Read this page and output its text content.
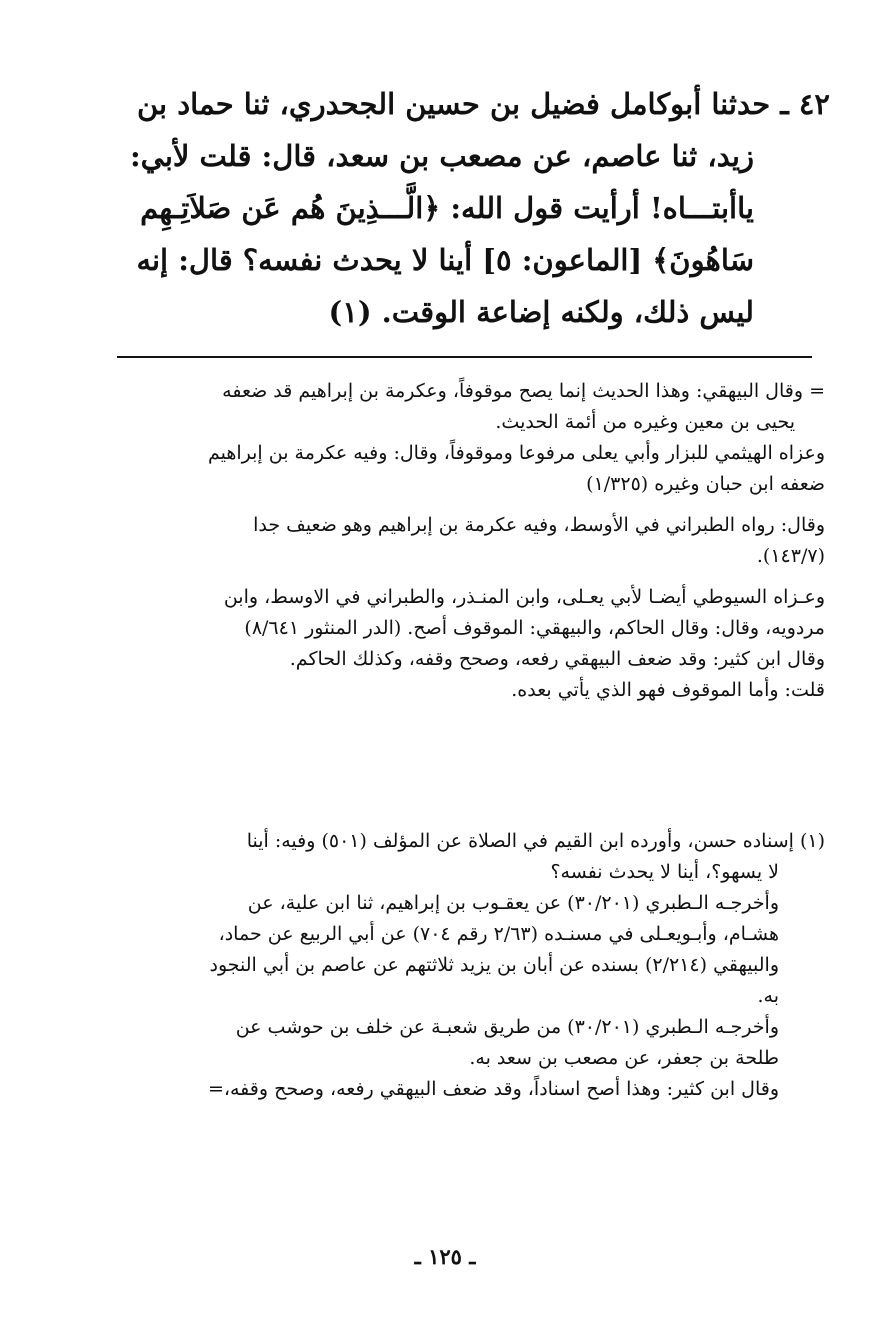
٤٢ ـ حدثنا أبوكامل فضيل بن حسين الجحدري، ثنا حماد بن
زيد، ثنا عاصم، عن مصعب بن سعد، قال: قلت لأبي:
ياأبتـــاه! أرأيت قول الله: ﴿الَّـــذِينَ هُم عَن صَلاَتِـهِم
سَاهُونَ﴾ [الماعون: ٥] أينا لا يحدث نفسه؟ قال: إنه
ليس ذلك، ولكنه إضاعة الوقت. (١)
= وقال البيهقي: وهذا الحديث إنما يصح موقوفاً، وعكرمة بن إبراهيم قد ضعفه
يحيى بن معين وغيره من أئمة الحديث.
وعزاه الهيثمي للبزار وأبي يعلى مرفوعا وموقوفاً، وقال: وفيه عكرمة بن إبراهيم
ضعفه ابن حبان وغيره (١/٣٢٥)
وقال: رواه الطبراني في الأوسط، وفيه عكرمة بن إبراهيم وهو ضعيف جدا
(١٤٣/٧).
وعـزاه السيوطي أيضـا لأبي يعـلى، وابن المنـذر، والطبراني في الاوسط، وابن
مردويه، وقال: وقال الحاكم، والبيهقي: الموقوف أصح. (الدر المنثور ٨/٦٤١)
وقال ابن كثير: وقد ضعف البيهقي رفعه، وصحح وقفه، وكذلك الحاكم.
قلت: وأما الموقوف فهو الذي يأتي بعده.
(١) إسناده حسن، وأورده ابن القيم في الصلاة عن المؤلف (٥٠١) وفيه: أينا
لا يسهو؟، أينا لا يحدث نفسه؟
وأخرجـه الـطبري (٣٠/٢٠١) عن يعقـوب بن إبراهيم، ثنا ابن علية، عن
هشـام، وأبـويعـلى في مسنـده (٢/٦٣ رقم ٧٠٤) عن أبي الربيع عن حماد،
والبيهقي (٢/٢١٤) بسنده عن أبان بن يزيد ثلاثتهم عن عاصم بن أبي النجود
به.
وأخرجـه الـطبري (٣٠/٢٠١) من طريق شعبـة عن خلف بن حوشب عن
طلحة بن جعفر، عن مصعب بن سعد به.
وقال ابن كثير: وهذا أصح اسناداً، وقد ضعف البيهقي رفعه، وصحح وقفه،=
ـ ١٢٥ ـ
